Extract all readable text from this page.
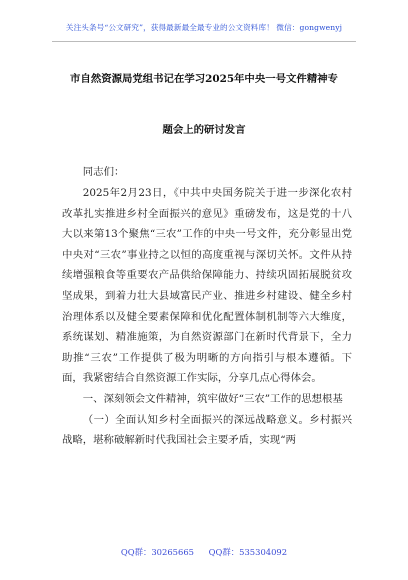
关注头条号“公文研究”，获得最新最全最专业的公文资料库！ 微信：gongwenyj
市自然资源局党组书记在学习2025年中央一号文件精神专
题会上的研讨发言
同志们：

2025年2月23日，《中共中央国务院关于进一步深化农村改革扎实推进乡村全面振兴的意见》重磅发布，这是党的十八大以来第13个聚焦“三农”工作的中央一号文件，充分彰显出党中央对“三农”事业持之以恒的高度重视与深切关怀。文件从持续增强粮食等重要农产品供给保障能力、持续巩固拓展脱贫攻坚成果，到着力壮大县域富民产业、推进乡村建设、健全乡村治理体系以及健全要素保障和优化配置体制机制等六大维度，系统谋划、精准施策，为自然资源部门在新时代背景下，全力助推“三农”工作提供了极为明晰的方向指引与根本遵循。下面，我紧密结合自然资源工作实际，分享几点心得体会。

一、深刻领会文件精神，筑牢做好“三农”工作的思想根基

（一）全面认知乡村全面振兴的深远战略意义。乡村振兴战略，堪称破解新时代我国社会主要矛盾，实现“两

QQ群：30265665 QQ群：535304092
